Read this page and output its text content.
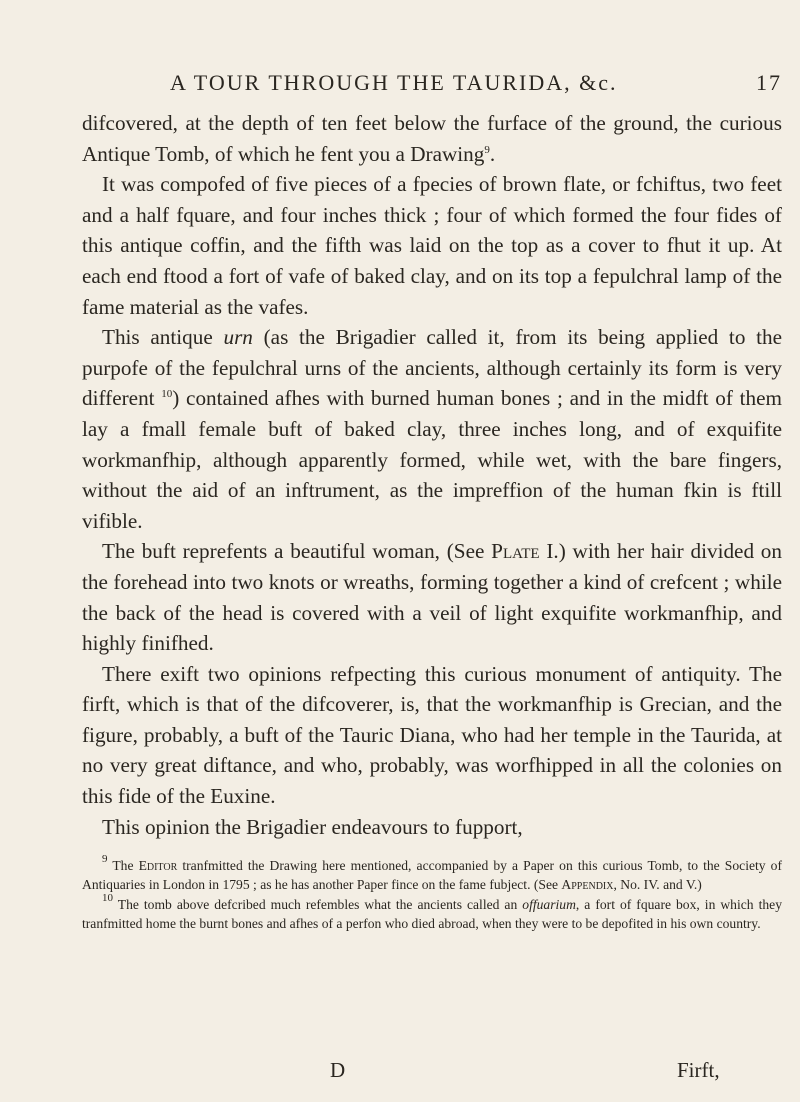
A TOUR THROUGH THE TAURIDA, &c.	17

difcovered, at the depth of ten feet below the furface of the ground, the curious Antique Tomb, of which he fent you a Drawing$^9$.

It was compofed of five pieces of a fpecies of brown flate, or fchiftus, two feet and a half fquare, and four inches thick ; four of which formed the four fides of this antique coffin, and the fifth was laid on the top as a cover to fhut it up. At each end ftood a fort of vafe of baked clay, and on its top a fepulchral lamp of the fame material as the vafes.

This antique urn (as the Brigadier called it, from its being applied to the purpofe of the fepulchral urns of the ancients, although certainly its form is very different $^{10}$) contained afhes with burned human bones ; and in the midft of them lay a fmall female buft of baked clay, three inches long, and of exquifite workmanfhip, although apparently formed, while wet, with the bare fingers, without the aid of an inftrument, as the impreffion of the human fkin is ftill vifible.

The buft reprefents a beautiful woman, (See Plate I.) with her hair divided on the forehead into two knots or wreaths, forming together a kind of crefcent ; while the back of the head is covered with a veil of light exquifite workmanfhip, and highly finifhed.

There exift two opinions refpecting this curious monument of antiquity. The firft, which is that of the difcoverer, is, that the workmanfhip is Grecian, and the figure, probably, a buft of the Tauric Diana, who had her temple in the Taurida, at no very great diftance, and who, probably, was worfhipped in all the colonies on this fide of the Euxine.

This opinion the Brigadier endeavours to fupport,

$^9$ The Editor tranfmitted the Drawing here mentioned, accompanied by a Paper on this curious Tomb, to the Society of Antiquaries in London in 1795 ; as he has another Paper fince on the fame fubject. (See Appendix, No. IV. and V.)

$^{10}$ The tomb above defcribed much refembles what the ancients called an offuarium, a fort of fquare box, in which they tranfmitted home the burnt bones and afhes of a perfon who died abroad, when they were to be depofited in his own country.

D	Firft,
